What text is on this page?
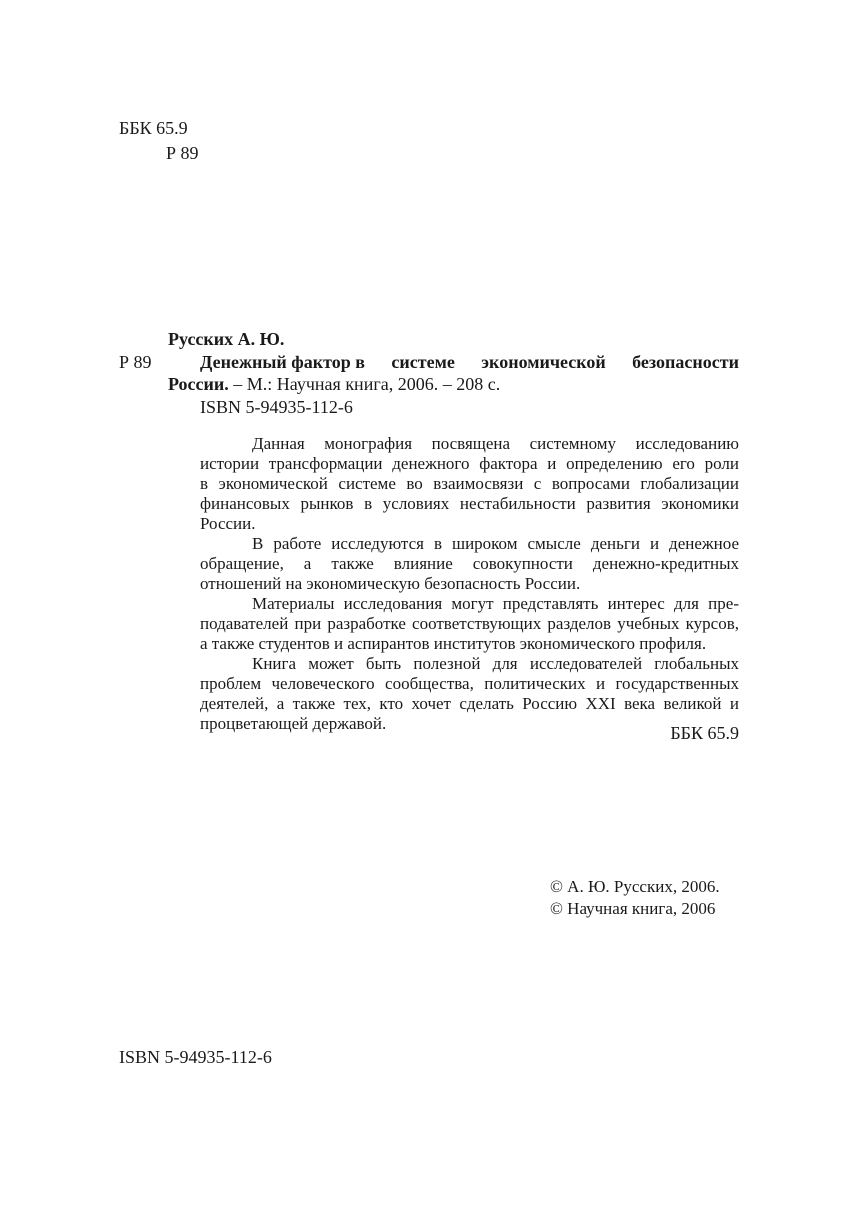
ББК 65.9
Р 89
Русских А. Ю.
Р 89	Денежный фактор в системе экономической безопасности
России. – М.: Научная книга, 2006. – 208 с.
ISBN 5-94935-112-6
Данная монография посвящена системному исследованию
истории трансформации денежного фактора и определению его роли
в экономической системе во взаимосвязи с вопросами глобализации
финансовых рынков в условиях нестабильности развития экономики
России.
В работе исследуются в широком смысле деньги и денежное
обращение, а также влияние совокупности денежно-кредитных
отношений на экономическую безопасность России.
Материалы исследования могут представлять интерес для пре-
подавателей при разработке соответствующих разделов учебных курсов,
а также студентов и аспирантов институтов экономического профиля.
Книга может быть полезной для исследователей глобальных
проблем человеческого сообщества, политических и государственных
деятелей, а также тех, кто хочет сделать Россию XXI века великой и
процветающей державой.	ББК 65.9
© А. Ю. Русских, 2006.
© Научная книга, 2006
ISBN 5-94935-112-6
